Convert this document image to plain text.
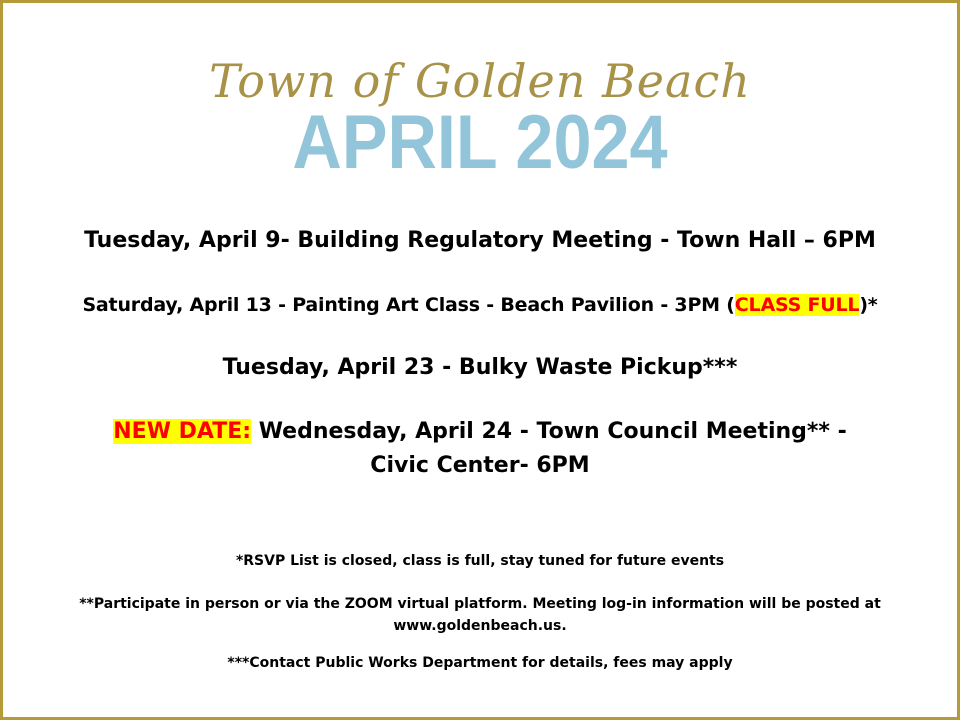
Town of Golden Beach
APRIL 2024
Tuesday, April 9- Building Regulatory Meeting - Town Hall – 6PM
Saturday, April 13 - Painting Art Class - Beach Pavilion - 3PM (CLASS FULL)*
Tuesday, April 23 - Bulky Waste Pickup***
NEW DATE: Wednesday, April 24 - Town Council Meeting** -
Civic Center- 6PM
*RSVP List is closed, class is full, stay tuned for future events
**Participate in person or via the ZOOM virtual platform. Meeting log-in information will be posted at www.goldenbeach.us.
***Contact Public Works Department for details, fees may apply
